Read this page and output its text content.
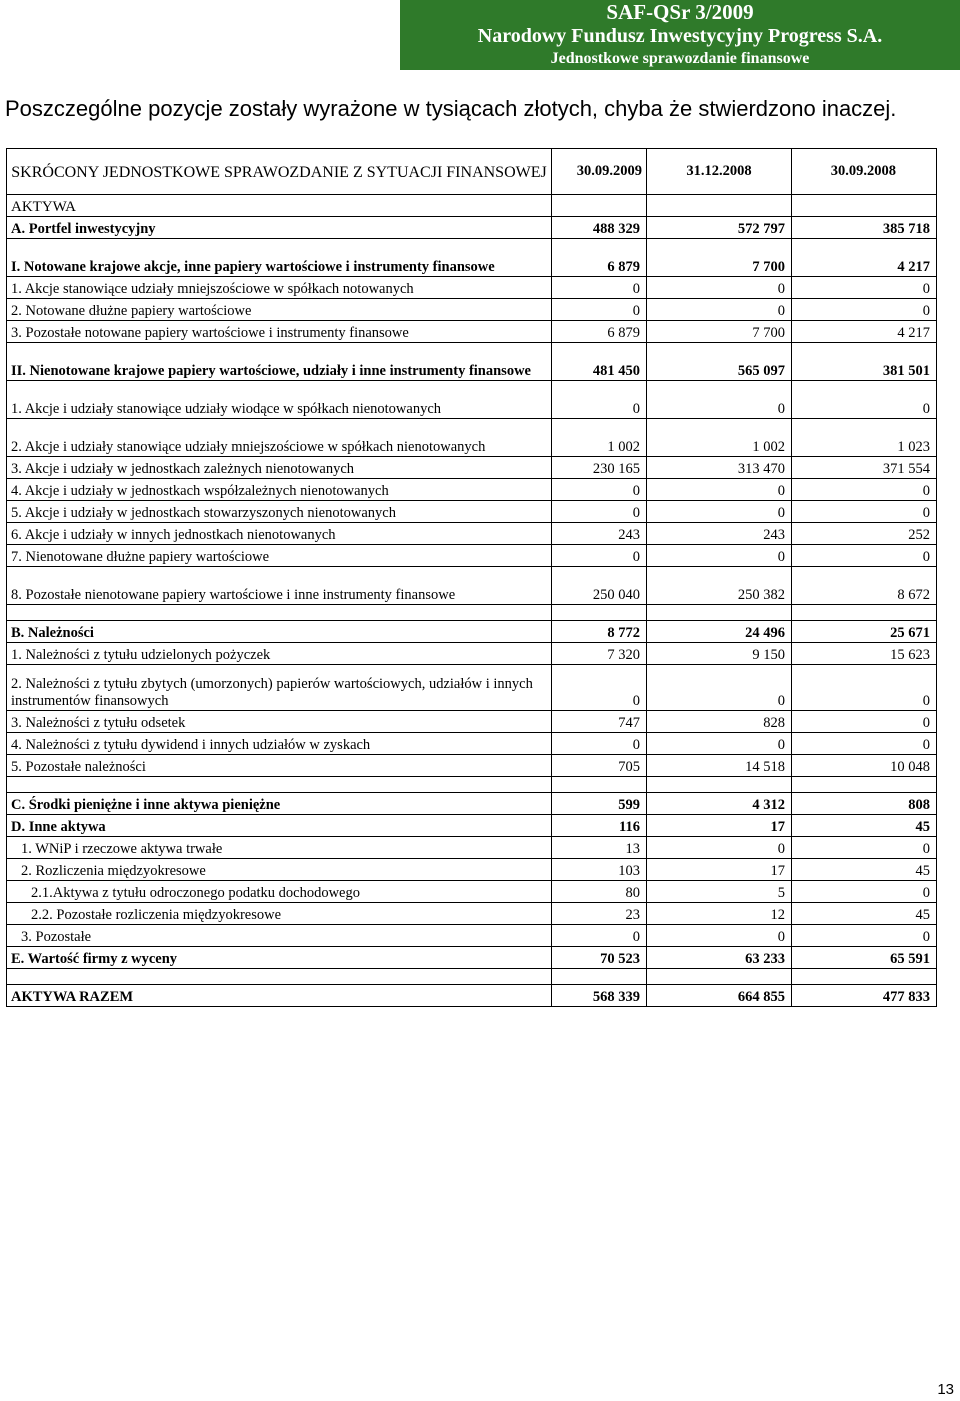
SAF-QSr 3/2009
Narodowy Fundusz Inwestycyjny Progress S.A.
Jednostkowe sprawozdanie finansowe
Poszczególne pozycje zostały wyrażone w tysiącach złotych, chyba że stwierdzono inaczej.
SKRÓCONY JEDNOSTKOWE SPRAWOZDANIE Z SYTUACJI FINANSOWEJ	30.09.2009	31.12.2008	30.09.2008
AKTYWA			
A. Portfel inwestycyjny	488 329	572 797	385 718
I. Notowane krajowe akcje, inne papiery wartościowe i instrumenty finansowe	6 879	7 700	4 217
1. Akcje stanowiące udziały mniejszościowe w spółkach notowanych	0	0	0
2. Notowane dłużne papiery wartościowe	0	0	0
3. Pozostałe notowane papiery wartościowe i instrumenty finansowe	6 879	7 700	4 217
II. Nienotowane krajowe papiery wartościowe, udziały i inne instrumenty finansowe	481 450	565 097	381 501
1. Akcje i udziały stanowiące udziały wiodące w spółkach nienotowanych	0	0	0
2. Akcje i udziały stanowiące udziały mniejszościowe w spółkach nienotowanych	1 002	1 002	1 023
3. Akcje i udziały w jednostkach zależnych nienotowanych	230 165	313 470	371 554
4. Akcje i udziały w jednostkach współzależnych nienotowanych	0	0	0
5. Akcje i udziały w jednostkach stowarzyszonych nienotowanych	0	0	0
6. Akcje i udziały w innych jednostkach nienotowanych	243	243	252
7. Nienotowane dłużne papiery wartościowe	0	0	0
8. Pozostałe nienotowane papiery wartościowe i inne instrumenty finansowe	250 040	250 382	8 672

B. Należności	8 772	24 496	25 671
1. Należności z tytułu udzielonych pożyczek	7 320	9 150	15 623
2. Należności z tytułu zbytych (umorzonych) papierów wartościowych, udziałów i innych instrumentów finansowych	0	0	0
3. Należności z tytułu odsetek	747	828	0
4. Należności z tytułu dywidend i innych udziałów w zyskach	0	0	0
5. Pozostałe należności	705	14 518	10 048

C. Środki pieniężne i inne aktywa pieniężne	599	4 312	808
D. Inne aktywa	116	17	45
1. WNiP i rzeczowe aktywa trwałe	13	0	0
2. Rozliczenia międzyokresowe	103	17	45
2.1.Aktywa z tytułu odroczonego podatku dochodowego	80	5	0
2.2. Pozostałe rozliczenia międzyokresowe	23	12	45
3. Pozostałe	0	0	0
E. Wartość firmy z wyceny	70 523	63 233	65 591

AKTYWA RAZEM	568 339	664 855	477 833
13
